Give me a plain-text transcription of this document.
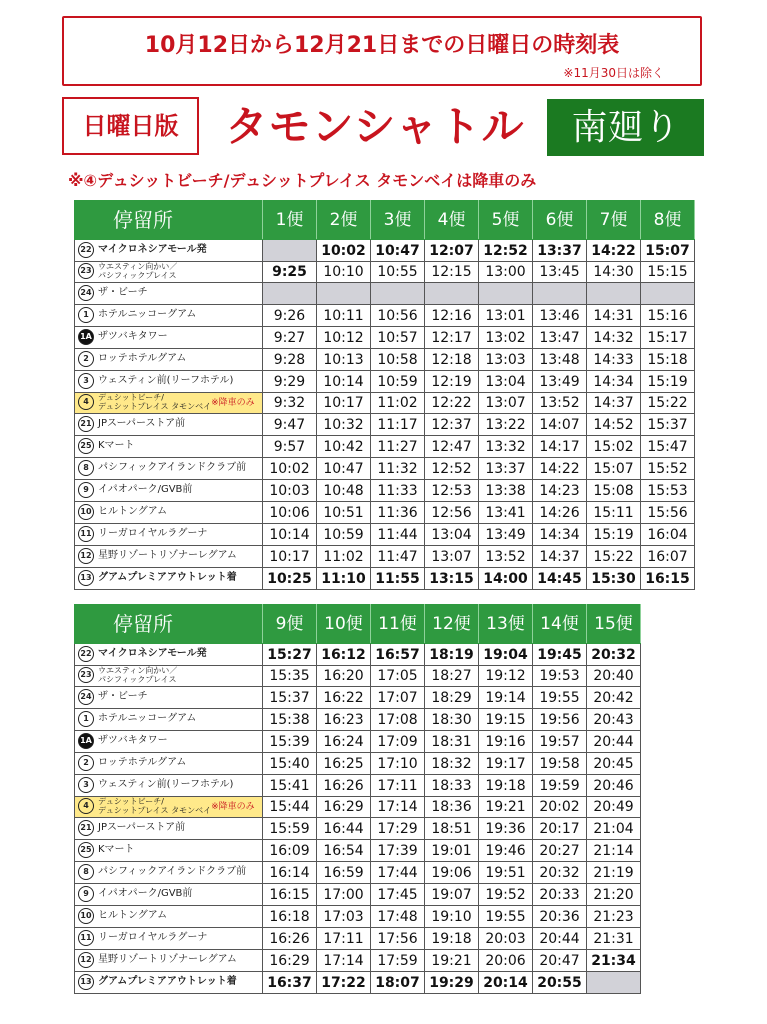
10月12日から12月21日までの日曜日の時刻表
※11月30日は除く
日曜日版	タモンシャトル	南廻り
※④デュシットビーチ/デュシットプレイス タモンベイは降車のみ
停留所	1便	2便	3便	4便	5便	6便	7便	8便
22 マイクロネシアモール発		10:02	10:47	12:07	12:52	13:37	14:22	15:07
23 ウエスティン向かい／
パシフィックプレイス	9:25	10:10	10:55	12:15	13:00	13:45	14:30	15:15
24 ザ・ビーチ								
1 ホテルニッコーグアム	9:26	10:11	10:56	12:16	13:01	13:46	14:31	15:16
1A ザツバキタワー	9:27	10:12	10:57	12:17	13:02	13:47	14:32	15:17
2 ロッテホテルグアム	9:28	10:13	10:58	12:18	13:03	13:48	14:33	15:18
3 ウェスティン前(リーフホテル)	9:29	10:14	10:59	12:19	13:04	13:49	14:34	15:19
4 デュシットビーチ/
デュシットプレイス タモンベイ※降車のみ	9:32	10:17	11:02	12:22	13:07	13:52	14:37	15:22
21 JPスーパーストア前	9:47	10:32	11:17	12:37	13:22	14:07	14:52	15:37
25 Kマート	9:57	10:42	11:27	12:47	13:32	14:17	15:02	15:47
8 パシフィックアイランドクラブ前	10:02	10:47	11:32	12:52	13:37	14:22	15:07	15:52
9 イパオパーク/GVB前	10:03	10:48	11:33	12:53	13:38	14:23	15:08	15:53
10 ヒルトングアム	10:06	10:51	11:36	12:56	13:41	14:26	15:11	15:56
11 リーガロイヤルラグーナ	10:14	10:59	11:44	13:04	13:49	14:34	15:19	16:04
12 星野リゾートリゾナーレグアム	10:17	11:02	11:47	13:07	13:52	14:37	15:22	16:07
13 グアムプレミアアウトレット着	10:25	11:10	11:55	13:15	14:00	14:45	15:30	16:15
停留所	9便	10便	11便	12便	13便	14便	15便
22 マイクロネシアモール発	15:27	16:12	16:57	18:19	19:04	19:45	20:32
23 ウエスティン向かい／
パシフィックプレイス	15:35	16:20	17:05	18:27	19:12	19:53	20:40
24 ザ・ビーチ	15:37	16:22	17:07	18:29	19:14	19:55	20:42
1 ホテルニッコーグアム	15:38	16:23	17:08	18:30	19:15	19:56	20:43
1A ザツバキタワー	15:39	16:24	17:09	18:31	19:16	19:57	20:44
2 ロッテホテルグアム	15:40	16:25	17:10	18:32	19:17	19:58	20:45
3 ウェスティン前(リーフホテル)	15:41	16:26	17:11	18:33	19:18	19:59	20:46
4 デュシットビーチ/
デュシットプレイス タモンベイ※降車のみ	15:44	16:29	17:14	18:36	19:21	20:02	20:49
21 JPスーパーストア前	15:59	16:44	17:29	18:51	19:36	20:17	21:04
25 Kマート	16:09	16:54	17:39	19:01	19:46	20:27	21:14
8 パシフィックアイランドクラブ前	16:14	16:59	17:44	19:06	19:51	20:32	21:19
9 イパオパーク/GVB前	16:15	17:00	17:45	19:07	19:52	20:33	21:20
10 ヒルトングアム	16:18	17:03	17:48	19:10	19:55	20:36	21:23
11 リーガロイヤルラグーナ	16:26	17:11	17:56	19:18	20:03	20:44	21:31
12 星野リゾートリゾナーレグアム	16:29	17:14	17:59	19:21	20:06	20:47	21:34
13 グアムプレミアアウトレット着	16:37	17:22	18:07	19:29	20:14	20:55	
